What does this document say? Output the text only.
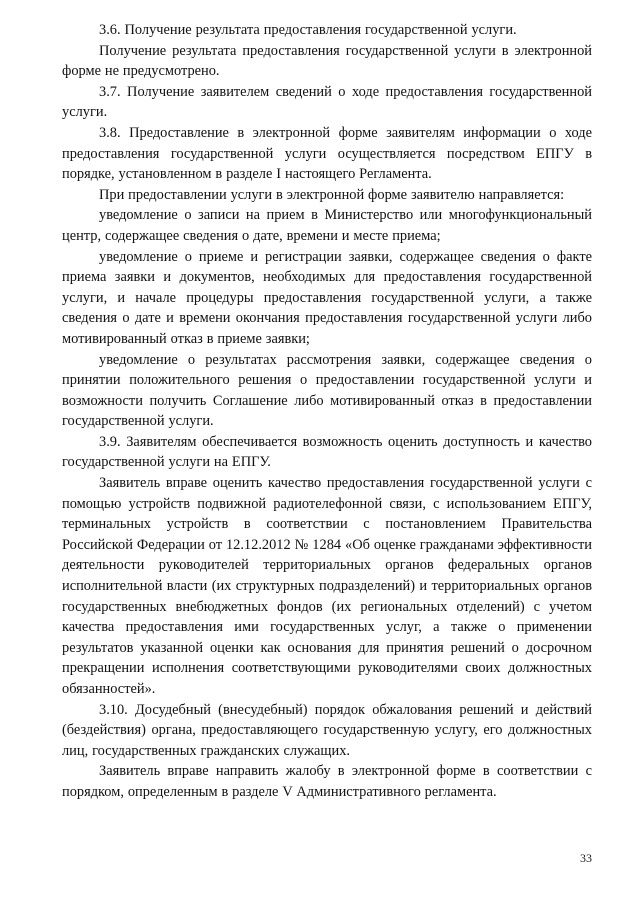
3.6. Получение результата предоставления государственной услуги.

Получение результата предоставления государственной услуги в электронной форме не предусмотрено.

3.7. Получение заявителем сведений о ходе предоставления государственной услуги.

3.8. Предоставление в электронной форме заявителям информации о ходе предоставления государственной услуги осуществляется посредством ЕПГУ в порядке, установленном в разделе I настоящего Регламента.

При предоставлении услуги в электронной форме заявителю направляется:

уведомление о записи на прием в Министерство или многофункциональный центр, содержащее сведения о дате, времени и месте приема;

уведомление о приеме и регистрации заявки, содержащее сведения о факте приема заявки и документов, необходимых для предоставления государственной услуги, и начале процедуры предоставления государственной услуги, а также сведения о дате и времени окончания предоставления государственной услуги либо мотивированный отказ в приеме заявки;

уведомление о результатах рассмотрения заявки, содержащее сведения о принятии положительного решения о предоставлении государственной услуги и возможности получить Соглашение либо мотивированный отказ в предоставлении государственной услуги.

3.9. Заявителям обеспечивается возможность оценить доступность и качество государственной услуги на ЕПГУ.

Заявитель вправе оценить качество предоставления государственной услуги с помощью устройств подвижной радиотелефонной связи, с использованием ЕПГУ, терминальных устройств в соответствии с постановлением Правительства Российской Федерации от 12.12.2012 № 1284 «Об оценке гражданами эффективности деятельности руководителей территориальных органов федеральных органов исполнительной власти (их структурных подразделений) и территориальных органов государственных внебюджетных фондов (их региональных отделений) с учетом качества предоставления ими государственных услуг, а также о применении результатов указанной оценки как основания для принятия решений о досрочном прекращении исполнения соответствующими руководителями своих должностных обязанностей».

3.10. Досудебный (внесудебный) порядок обжалования решений и действий (бездействия) органа, предоставляющего государственную услугу, его должностных лиц, государственных гражданских служащих.

Заявитель вправе направить жалобу в электронной форме в соответствии с порядком, определенным в разделе V Административного регламента.

33
